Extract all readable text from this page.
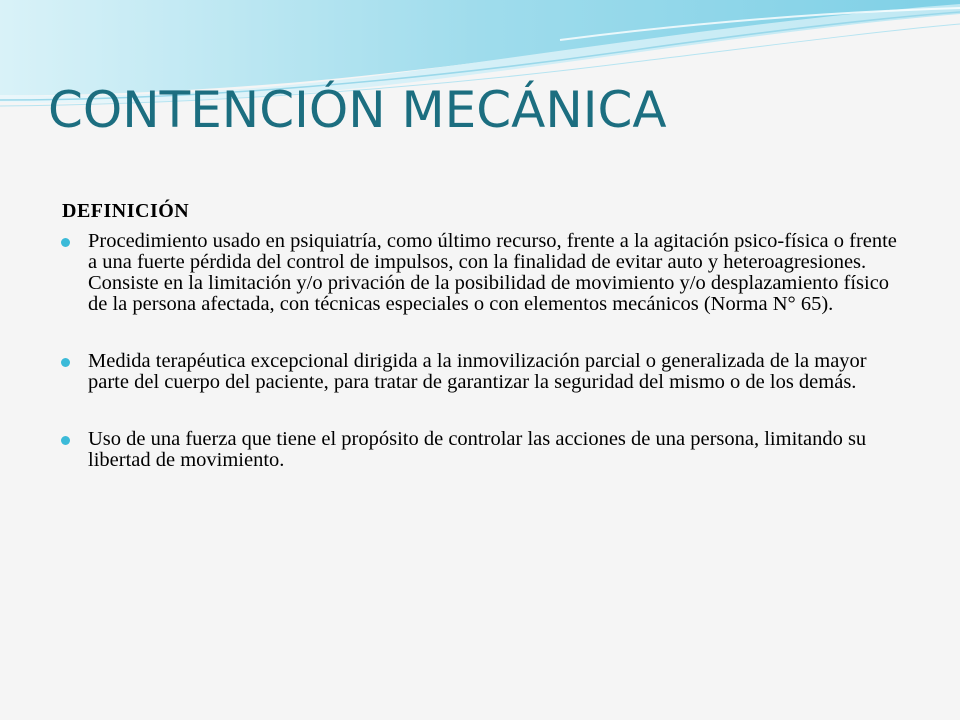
CONTENCIÓN MECÁNICA
DEFINICIÓN
Procedimiento usado en psiquiatría, como último recurso, frente a la agitación psico-física o frente a una fuerte pérdida del control de impulsos, con la finalidad de evitar auto y heteroagresiones. Consiste en la limitación y/o privación de la posibilidad de movimiento y/o desplazamiento físico de la persona afectada, con técnicas especiales o con elementos mecánicos (Norma N° 65).
Medida terapéutica excepcional dirigida a la inmovilización parcial o generalizada de la mayor parte del cuerpo del paciente, para tratar de garantizar la seguridad del mismo o de los demás.
Uso de una fuerza que tiene el propósito de controlar las acciones de una persona, limitando su libertad de movimiento.
